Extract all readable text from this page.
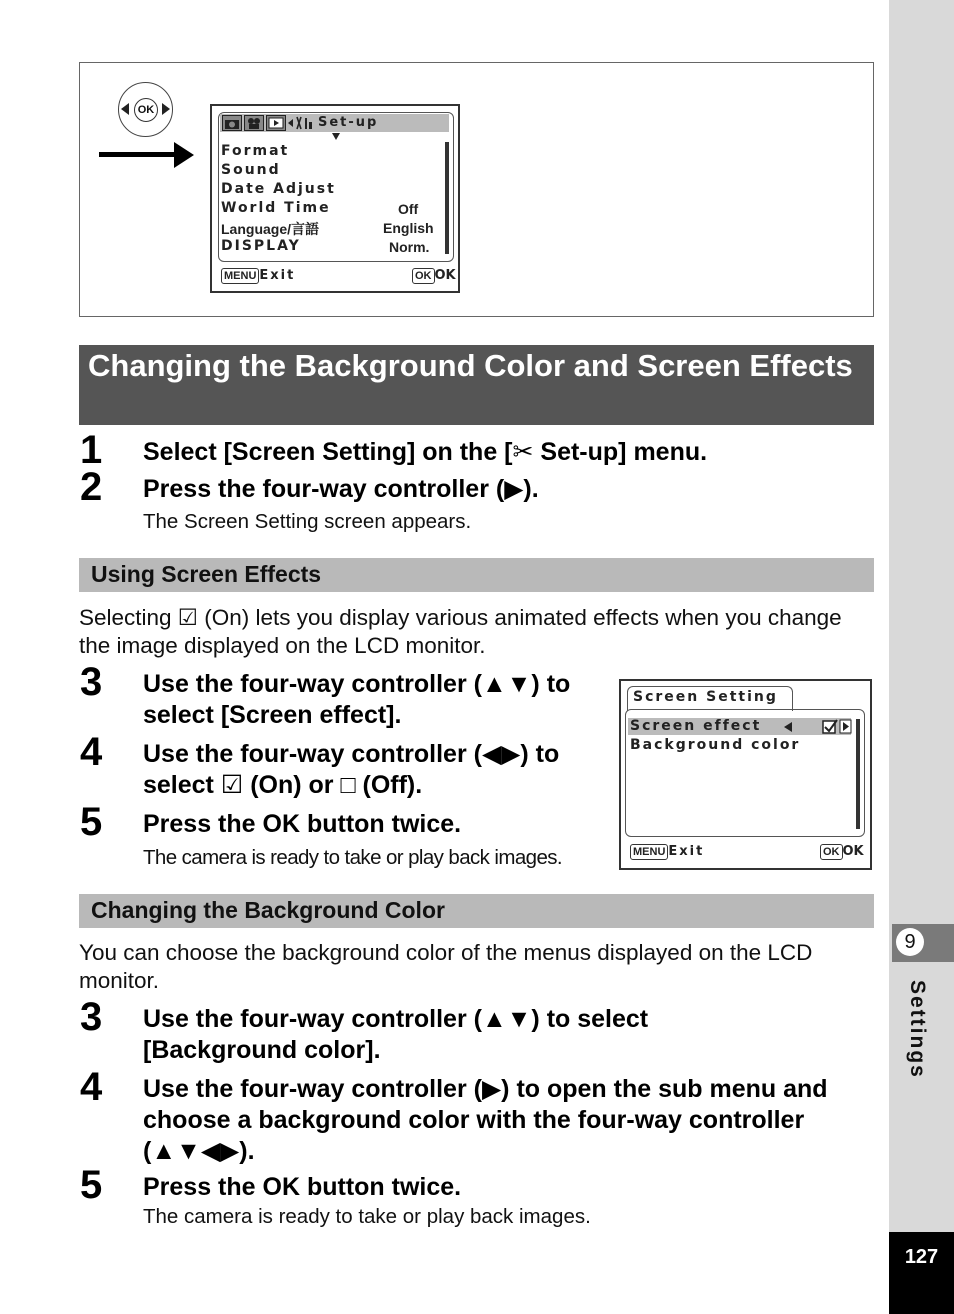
9
Settings
127
OK
Set-up
Format
Sound
Date Adjust
World Time
Language/言語
DISPLAY
Off
English
Norm.
MENU Exit	OK OK
Changing the Background Color and Screen Effects
1 Select [Screen Setting] on the [✂ Set-up] menu.
2 Press the four-way controller (▶).
The Screen Setting screen appears.
Using Screen Effects
Selecting ☑ (On) lets you display various animated effects when you change the image displayed on the LCD monitor.
3 Use the four-way controller (▲▼) to select [Screen effect].
4 Use the four-way controller (◀▶) to select ☑ (On) or □ (Off).
5 Press the OK button twice.
The camera is ready to take or play back images.
Screen Setting
Screen effect
Background color
MENU Exit	OK OK
Changing the Background Color
You can choose the background color of the menus displayed on the LCD monitor.
3 Use the four-way controller (▲▼) to select [Background color].
4 Use the four-way controller (▶) to open the sub menu and choose a background color with the four-way controller (▲▼◀▶).
5 Press the OK button twice.
The camera is ready to take or play back images.
